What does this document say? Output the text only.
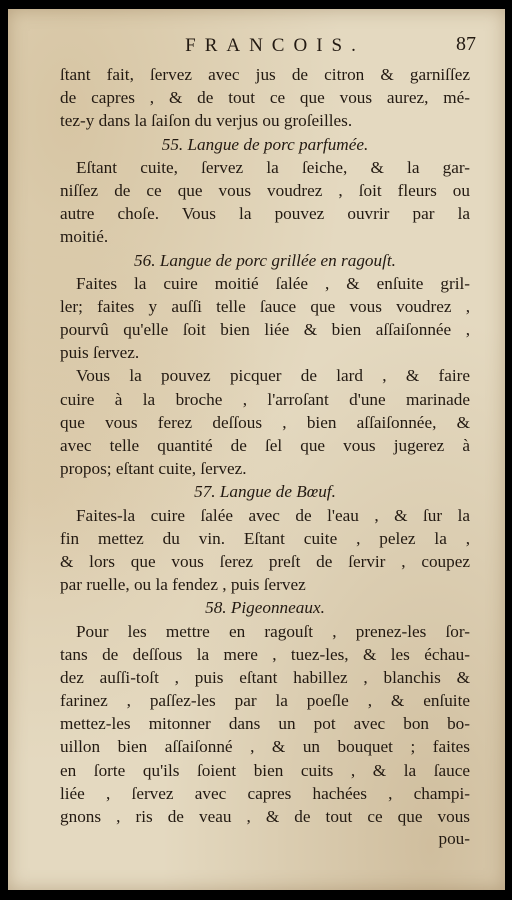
FRANCOIS.	87
ſtant fait, ſervez avec jus de citron & garniſſez
de capres , & de tout ce que vous aurez, mé-
tez-y dans la ſaiſon du verjus ou groſeilles.
55. Langue de porc parfumée.
Eſtant cuite, ſervez la ſeiche, & la gar-
niſſez de ce que vous voudrez , ſoit fleurs ou
autre choſe. Vous la pouvez ouvrir par la
moitié.
56. Langue de porc grillée en ragouſt.
Faites la cuire moitié ſalée , & enſuite gril-
ler; faites y auſſi telle ſauce que vous voudrez ,
pourvû qu'elle ſoit bien liée & bien aſſaiſonnée ,
puis ſervez.
Vous la pouvez picquer de lard , & faire
cuire à la broche , l'arroſant d'une marinade
que vous ferez deſſous , bien aſſaiſonnée, &
avec telle quantité de ſel que vous jugerez à
propos; eſtant cuite, ſervez.
57. Langue de Bœuf.
Faites-la cuire ſalée avec de l'eau , & ſur la
fin mettez du vin. Eſtant cuite , pelez la ,
& lors que vous ſerez preſt de ſervir , coupez
par ruelle, ou la fendez , puis ſervez
58. Pigeonneaux.
Pour les mettre en ragouſt , prenez-les ſor-
tans de deſſous la mere , tuez-les, & les échau-
dez auſſi-toſt , puis eſtant habillez , blanchis &
farinez , paſſez-les par la poeſle , & enſuite
mettez-les mitonner dans un pot avec bon bo-
uillon bien aſſaiſonné , & un bouquet ; faites
en ſorte qu'ils ſoient bien cuits , & la ſauce
liée , ſervez avec capres hachées , champi-
gnons , ris de veau , & de tout ce que vous
pou-
